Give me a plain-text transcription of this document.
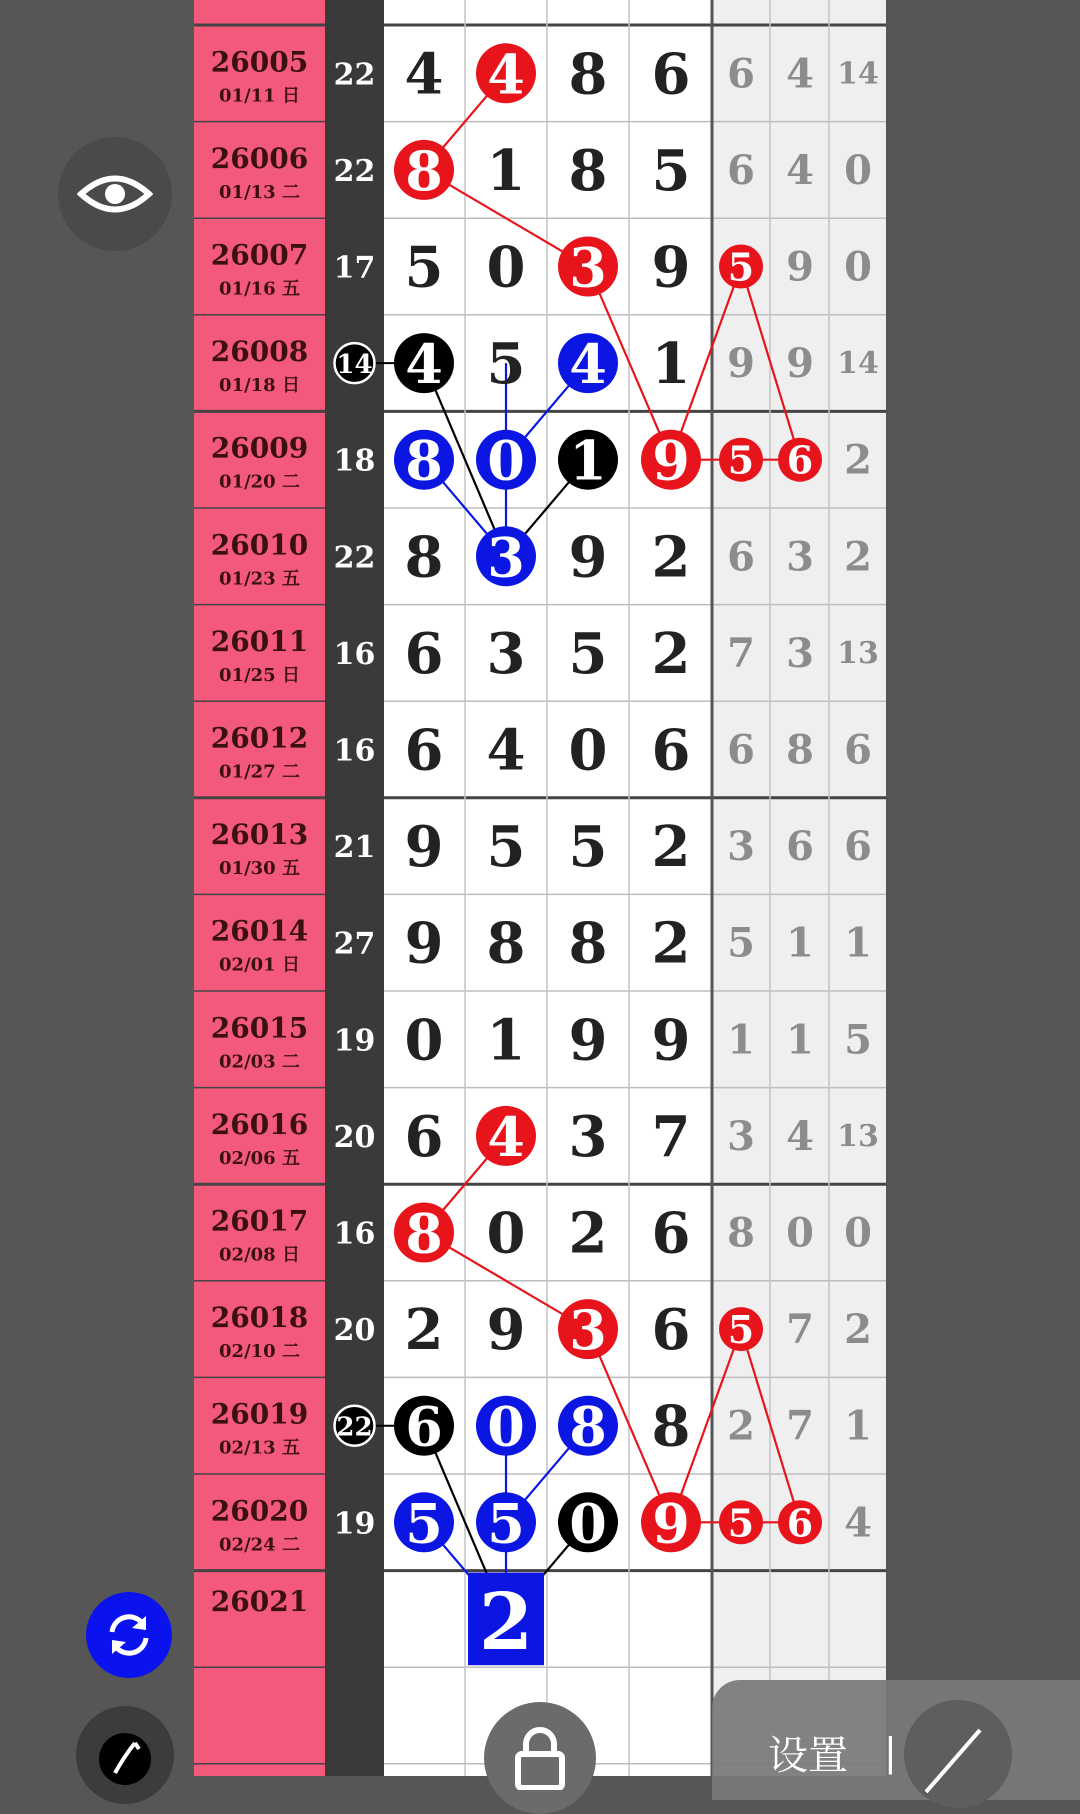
26005
01/11 日
22 4 4 8 6 6 4 14
26006
01/13 二
22 8 1 8 5 6 4 0
26007
01/16 五
17 5 0 3 9 5 9 0
26008
01/18 日
14 4 5 4 1 9 9 14
26009
01/20 二
18 8 0 1 9 5 6 2
26010
01/23 五
22 8 3 9 2 6 3 2
26011
01/25 日
16 6 3 5 2 7 3 13
26012
01/27 二
16 6 4 0 6 6 8 6
26013
01/30 五
21 9 5 5 2 3 6 6
26014
02/01 日
27 9 8 8 2 5 1 1
26015
02/03 二
19 0 1 9 9 1 1 5
26016
02/06 五
20 6 4 3 7 3 4 13
26017
02/08 日
16 8 0 2 6 8 0 0
26018
02/10 二
20 2 9 3 6 5 7 2
26019
02/13 五
22 6 0 8 8 2 7 1
26020
02/24 二
19 5 5 0 9 5 6 4
26021 2
设置 |
